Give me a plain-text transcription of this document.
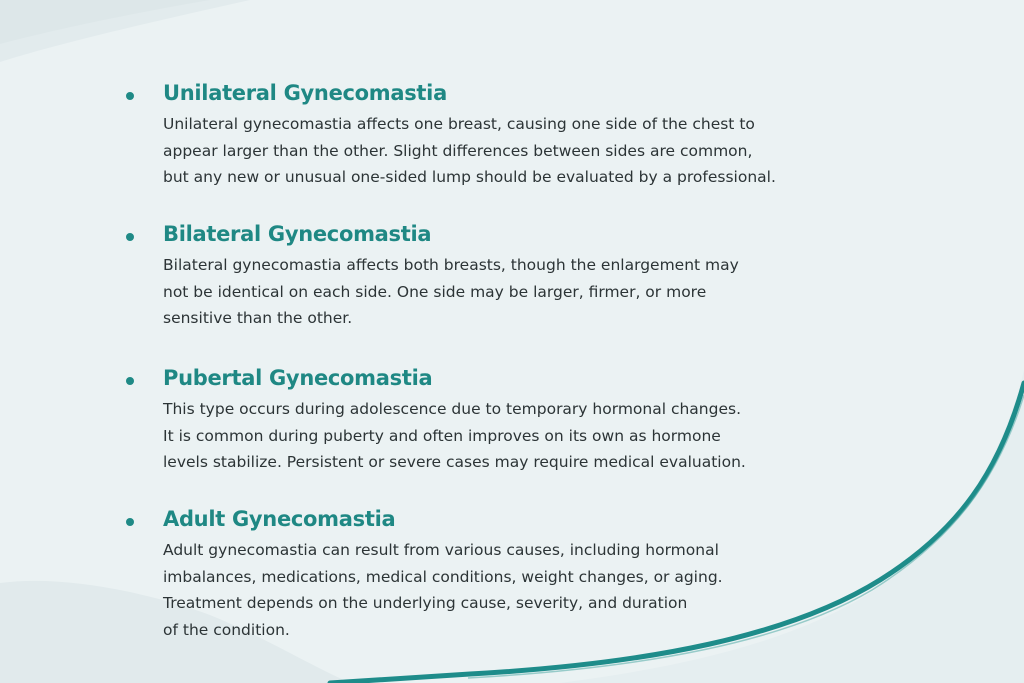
Unilateral Gynecomastia

Unilateral gynecomastia affects one breast, causing one side of the chest to
appear larger than the other. Slight differences between sides are common,
but any new or unusual one-sided lump should be evaluated by a professional.

Bilateral Gynecomastia

Bilateral gynecomastia affects both breasts, though the enlargement may
not be identical on each side. One side may be larger, firmer, or more
sensitive than the other.

Pubertal Gynecomastia

This type occurs during adolescence due to temporary hormonal changes.
It is common during puberty and often improves on its own as hormone
levels stabilize. Persistent or severe cases may require medical evaluation.

Adult Gynecomastia

Adult gynecomastia can result from various causes, including hormonal
imbalances, medications, medical conditions, weight changes, or aging.
Treatment depends on the underlying cause, severity, and duration
of the condition.
